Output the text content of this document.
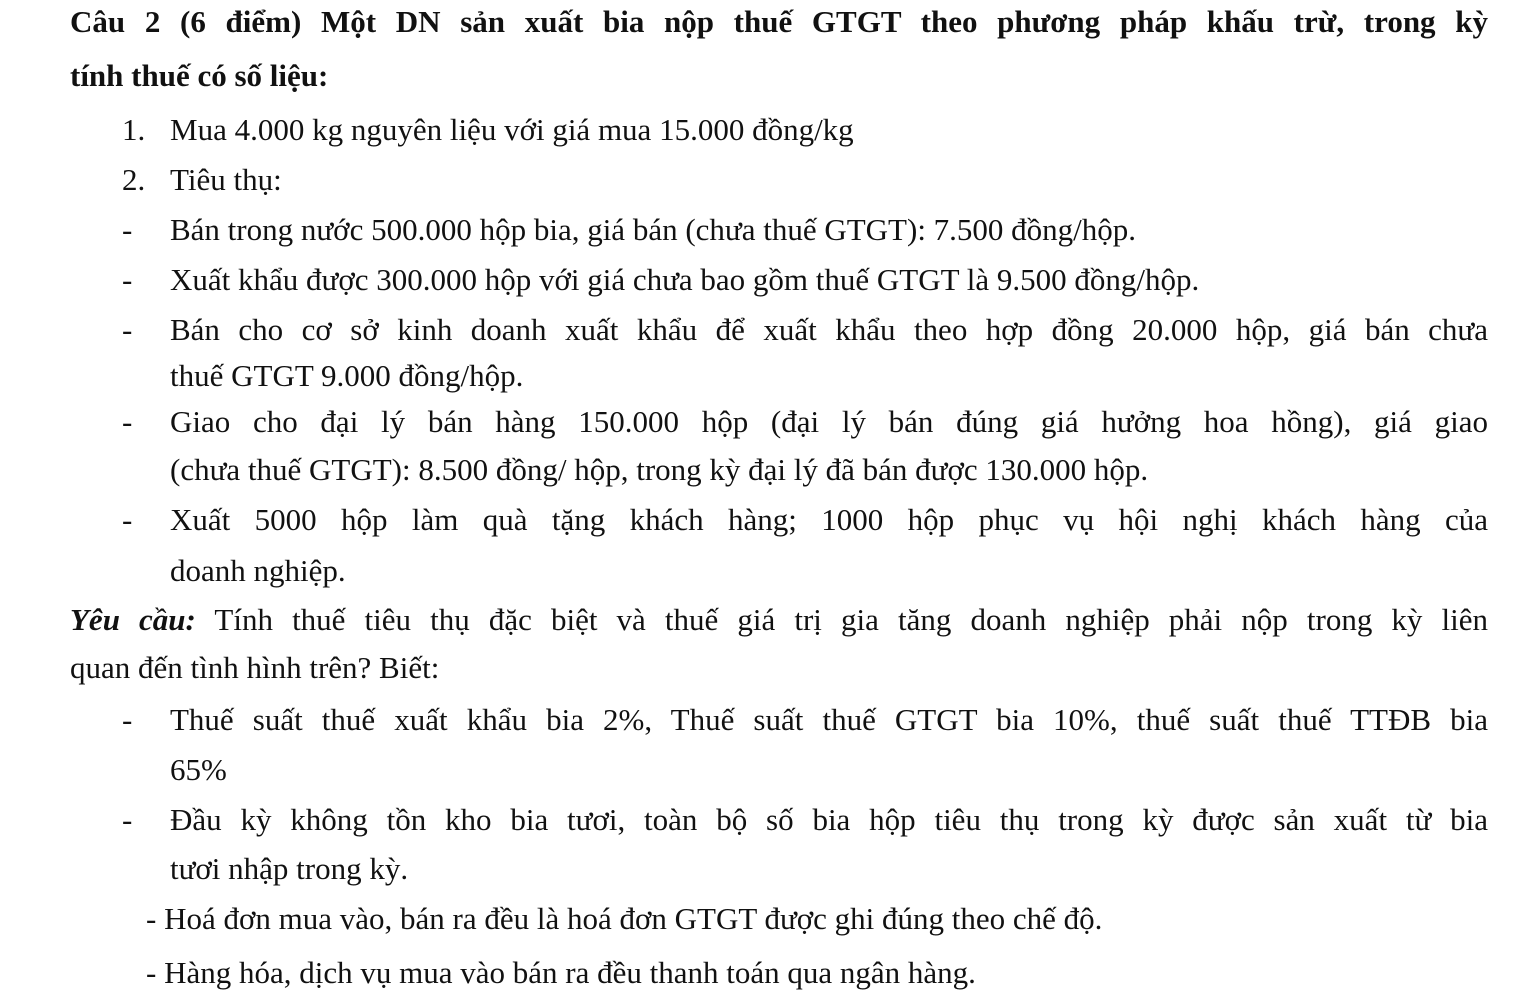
Câu 2 (6 điểm) Một DN sản xuất bia nộp thuế GTGT theo phương pháp khấu trừ, trong kỳ
tính thuế có số liệu:
1. Mua 4.000 kg nguyên liệu với giá mua 15.000 đồng/kg
2. Tiêu thụ:
- Bán trong nước 500.000 hộp bia, giá bán (chưa thuế GTGT): 7.500 đồng/hộp.
- Xuất khẩu được 300.000 hộp với giá chưa bao gồm thuế GTGT là 9.500 đồng/hộp.
- Bán cho cơ sở kinh doanh xuất khẩu để xuất khẩu theo hợp đồng 20.000 hộp, giá bán chưa
thuế GTGT 9.000 đồng/hộp.
- Giao cho đại lý bán hàng 150.000 hộp (đại lý bán đúng giá hưởng hoa hồng), giá giao
(chưa thuế GTGT): 8.500 đồng/ hộp, trong kỳ đại lý đã bán được 130.000 hộp.
- Xuất 5000 hộp làm quà tặng khách hàng; 1000 hộp phục vụ hội nghị khách hàng của
doanh nghiệp.
Yêu cầu: Tính thuế tiêu thụ đặc biệt và thuế giá trị gia tăng doanh nghiệp phải nộp trong kỳ liên
quan đến tình hình trên? Biết:
- Thuế suất thuế xuất khẩu bia 2%, Thuế suất thuế GTGT bia 10%, thuế suất thuế TTĐB bia
65%
- Đầu kỳ không tồn kho bia tươi, toàn bộ số bia hộp tiêu thụ trong kỳ được sản xuất từ bia
tươi nhập trong kỳ.
- Hoá đơn mua vào, bán ra đều là hoá đơn GTGT được ghi đúng theo chế độ.
- Hàng hóa, dịch vụ mua vào bán ra đều thanh toán qua ngân hàng.
